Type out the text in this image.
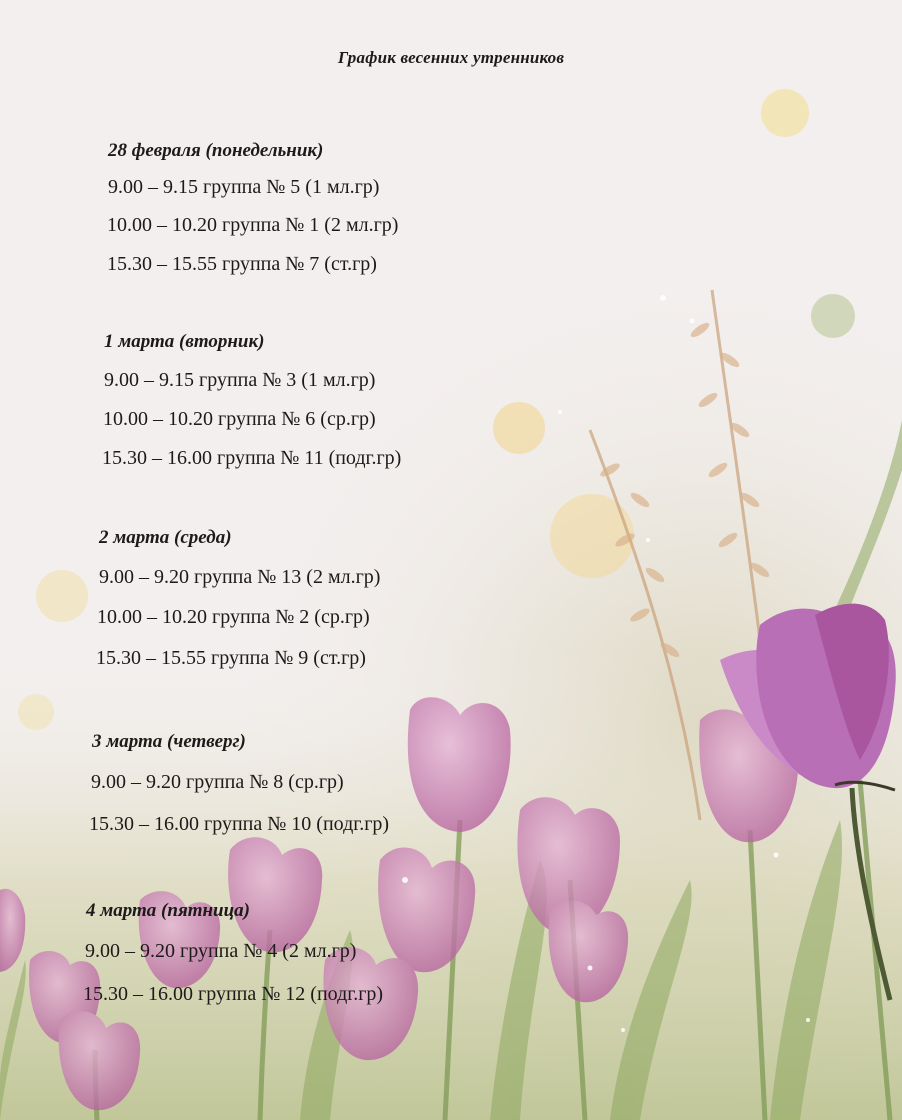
График весенних утренников
28 февраля (понедельник)
9.00 – 9.15 группа № 5 (1 мл.гр)
10.00 – 10.20 группа № 1 (2 мл.гр)
15.30 – 15.55 группа № 7 (ст.гр)
1 марта (вторник)
9.00 – 9.15 группа № 3 (1 мл.гр)
10.00 – 10.20 группа № 6 (ср.гр)
15.30 – 16.00 группа № 11 (подг.гр)
2 марта (среда)
9.00 – 9.20 группа № 13 (2 мл.гр)
10.00 – 10.20 группа № 2 (ср.гр)
15.30 – 15.55 группа № 9 (ст.гр)
3 марта (четверг)
9.00 – 9.20 группа № 8 (ср.гр)
15.30 – 16.00 группа № 10 (подг.гр)
4 марта (пятница)
9.00 – 9.20 группа № 4 (2 мл.гр)
15.30 – 16.00 группа № 12 (подг.гр)
